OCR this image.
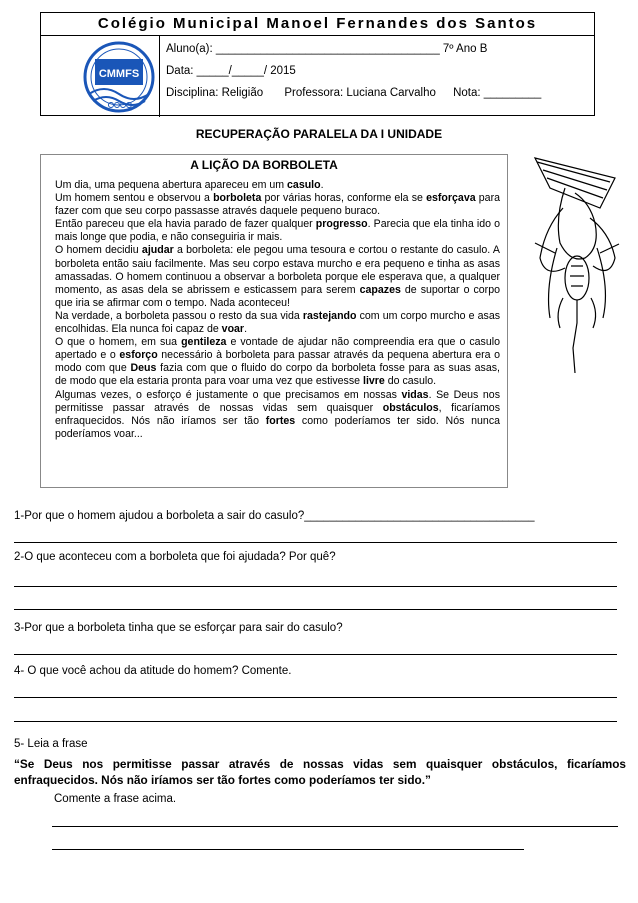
Colégio Municipal Manoel Fernandes dos Santos
CMMFS
Aluno(a): ___________________________________ 7º Ano B
Data: _____/_____/ 2015
Disciplina: Religião Professora: Luciana Carvalho Nota: _________
RECUPERAÇÃO PARALELA DA I UNIDADE
A LIÇÃO DA BORBOLETA

Um dia, uma pequena abertura apareceu em um casulo.

Um homem sentou e observou a borboleta por várias horas, conforme ela se esforçava para fazer com que seu corpo passasse através daquele pequeno buraco.

Então pareceu que ela havia parado de fazer qualquer progresso. Parecia que ela tinha ido o mais longe que podia, e não conseguiria ir mais.

O homem decidiu ajudar a borboleta: ele pegou uma tesoura e cortou o restante do casulo. A borboleta então saiu facilmente. Mas seu corpo estava murcho e era pequeno e tinha as asas amassadas. O homem continuou a observar a borboleta porque ele esperava que, a qualquer momento, as asas dela se abrissem e esticassem para serem capazes de suportar o corpo que iria se afirmar com o tempo. Nada aconteceu!

Na verdade, a borboleta passou o resto da sua vida rastejando com um corpo murcho e asas encolhidas. Ela nunca foi capaz de voar.

O que o homem, em sua gentileza e vontade de ajudar não compreendia era que o casulo apertado e o esforço necessário à borboleta para passar através da pequena abertura era o modo com que Deus fazia com que o fluido do corpo da borboleta fosse para as suas asas, de modo que ela estaria pronta para voar uma vez que estivesse livre do casulo.

Algumas vezes, o esforço é justamente o que precisamos em nossas vidas. Se Deus nos permitisse passar através de nossas vidas sem quaisquer obstáculos, ficaríamos enfraquecidos. Nós não iríamos ser tão fortes como poderíamos ter sido. Nós nunca poderíamos voar...

1-Por que o homem ajudou a borboleta a sair do casulo?____________________________________
2-O que aconteceu com a borboleta que foi ajudada? Por quê?
3-Por que a borboleta tinha que se esforçar para sair do casulo?
4- O que você achou da atitude do homem? Comente.
5- Leia a frase
“Se Deus nos permitisse passar através de nossas vidas sem quaisquer obstáculos, ficaríamos enfraquecidos. Nós não iríamos ser tão fortes como poderíamos ter sido.”
Comente a frase acima.
